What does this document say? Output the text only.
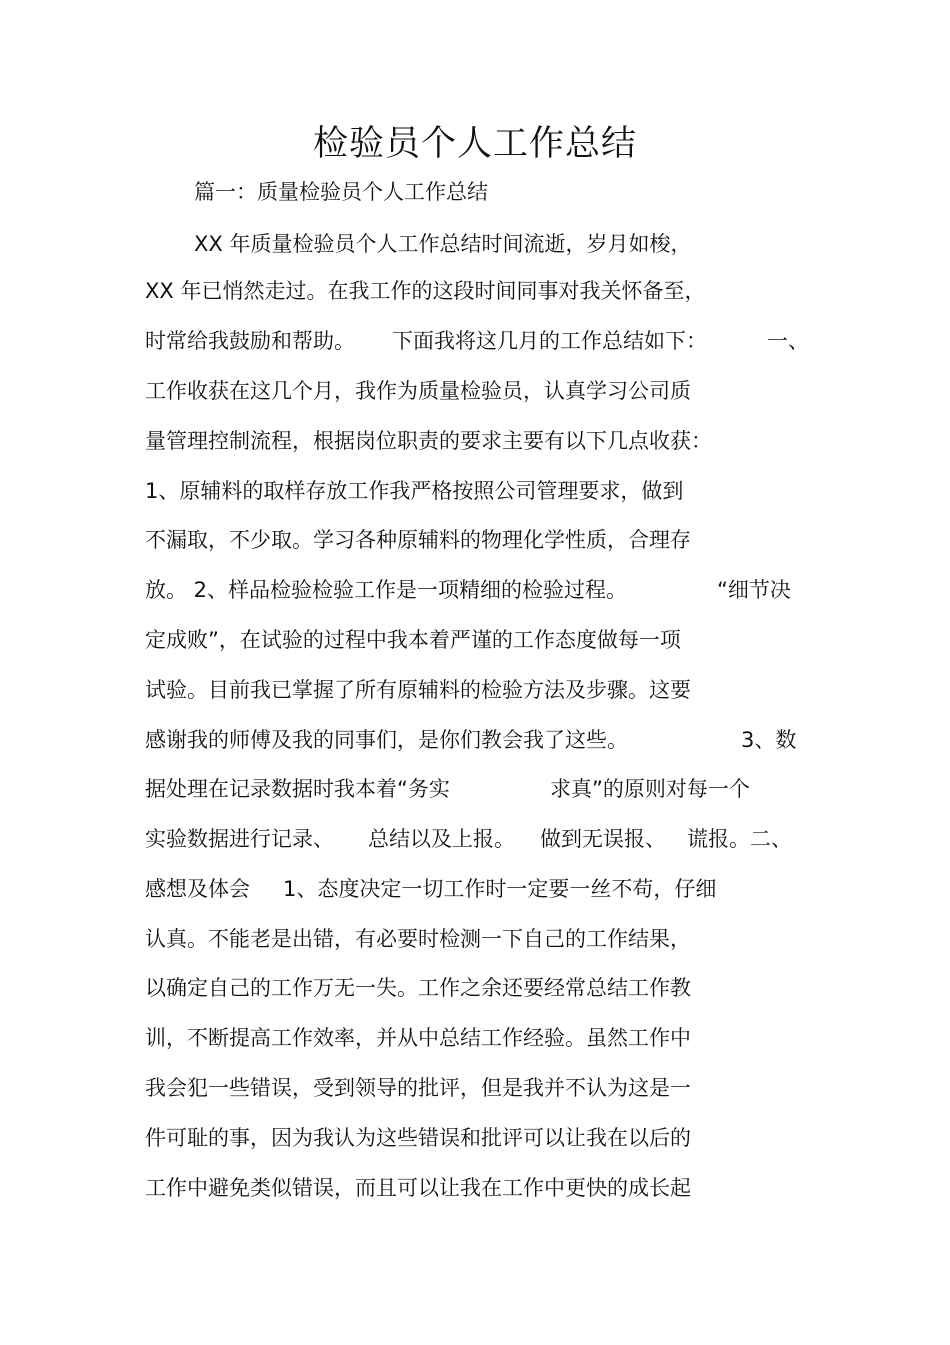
检验员个人工作总结
篇一：质量检验员个人工作总结
XX 年质量检验员个人工作总结时间流逝，岁月如梭，
XX 年已悄然走过。在我工作的这段时间同事对我关怀备至，
时常给我鼓励和帮助。 下面我将这几月的工作总结如下：	一、
工作收获在这几个月，我作为质量检验员，认真学习公司质
量管理控制流程，根据岗位职责的要求主要有以下几点收获：
1、原辅料的取样存放工作我严格按照公司管理要求，做到
不漏取，不少取。学习各种原辅料的物理化学性质，合理存
放。 2、样品检验检验工作是一项精细的检验过程。	“细节决
定成败”，在试验的过程中我本着严谨的工作态度做每一项
试验。目前我已掌握了所有原辅料的检验方法及步骤。这要
感谢我的师傅及我的同事们，是你们教会我了这些。	3、数
据处理在记录数据时我本着“务实	求真”的原则对每一个
实验数据进行记录、 总结以及上报。 做到无误报、 谎报。二、
感想及体会 1、态度决定一切工作时一定要一丝不苟，仔细
认真。不能老是出错，有必要时检测一下自己的工作结果，
以确定自己的工作万无一失。工作之余还要经常总结工作教
训，不断提高工作效率，并从中总结工作经验。虽然工作中
我会犯一些错误，受到领导的批评，但是我并不认为这是一
件可耻的事，因为我认为这些错误和批评可以让我在以后的
工作中避免类似错误，而且可以让我在工作中更快的成长起
